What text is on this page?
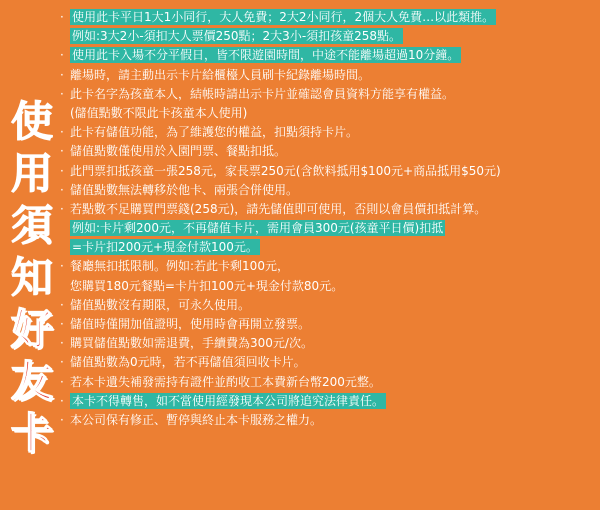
使
用
須
知
好
友
卡
· 使用此卡平日1大1小同行，大人免費；2大2小同行，2個大人免費…以此類推。
例如:3大2小-須扣大人票價250點；2大3小-須扣孩童258點。
· 使用此卡入場不分平假日，皆不限遊園時間，中途不能離場超過10分鐘。
· 離場時，請主動出示卡片給櫃檯人員刷卡紀錄離場時間。
· 此卡名字為孩童本人，結帳時請出示卡片並確認會員資料方能享有權益。
(儲值點數不限此卡孩童本人使用)
· 此卡有儲值功能，為了維護您的權益，扣點須持卡片。
· 儲值點數僅使用於入園門票、餐點扣抵。
· 此門票扣抵孩童一張258元，家長票250元(含飲料抵用$100元+商品抵用$50元)
· 儲值點數無法轉移於他卡、兩張合併使用。
· 若點數不足購買門票錢(258元)，請先儲值即可使用，否則以會員價扣抵計算。
例如:卡片剩200元，不再儲值卡片，需用會員300元(孩童平日價)扣抵
=卡片扣200元+現金付款100元。
· 餐廳無扣抵限制。例如:若此卡剩100元，
您購買180元餐點=卡片扣100元+現金付款80元。
· 儲值點數沒有期限，可永久使用。
· 儲值時僅開加值證明，使用時會再開立發票。
· 購買儲值點數如需退費，手續費為300元/次。
· 儲值點數為0元時，若不再儲值須回收卡片。
· 若本卡遺失補發需持有證件並酌收工本費新台幣200元整。
· 本卡不得轉售，如不當使用經發現本公司將追究法律責任。
· 本公司保有修正、暫停與終止本卡服務之權力。
